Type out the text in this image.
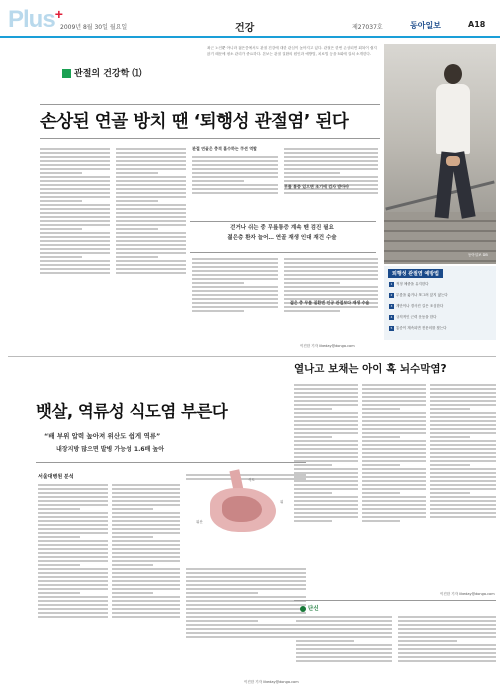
Plus+
2009년 8월 30일 월요일	건강	제27037호	동아일보	A18
관절의 건강학 ⑴
최근 노인뿐 아니라 젊은층에서도 관절 건강에 대한 관심이 높아지고 있다. 관절은 한번 손상되면 회복이 쉽지 않기 때문에 평소 관리가 중요하다. 본보는 관절 질환의 원인과 예방법, 치료법 등을 5회에 걸쳐 소개한다.
손상된 연골 방치 땐 ‘퇴행성 관절염’ 된다
동아일보 DB
관절 연골은 충격 흡수하는 쿠션 역할
걷거나 쉬는 중 무릎통증 계속 땐 검진 필요
젊은층 환자 늘어… 연골 재생 인대 재건 수술
무릎 통증 있으면 조기에 검사 받아야
젊은 층 무릎 질환엔 인공 관절보다 재생 수술
이진한 기자 likeday@donga.com
퇴행성 관절염 예방법
1 적정 체중을 유지한다
2 무릎을 꿇거나 쪼그려 앉지 않는다
3 계단이나 경사진 길은 조심한다
4 규칙적인 근력 운동을 한다
5 통증이 계속되면 전문의를 찾는다
뱃살, 역류성 식도염 부른다
“배 부위 압력 높아져 위산도 쉽게 역류”
내장지방 많으면 발병 가능성 1.6배 높아
서울대병원 분석	식도
위
위산
이진한 기자 likeday@donga.com
열나고 보채는 아이 혹 뇌수막염?
이진한 기자 likeday@donga.com
단신
